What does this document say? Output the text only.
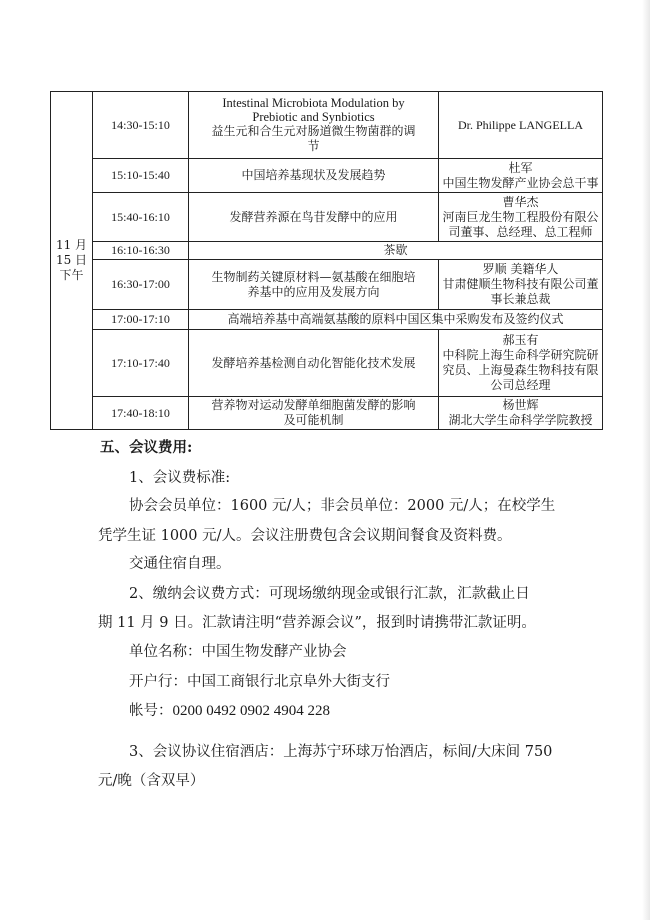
11 月
15 日
下午	14:30-15:10	Intestinal Microbiota Modulation by
Prebiotic and Synbiotics
益生元和合生元对肠道微生物菌群的调
节	Dr. Philippe LANGELLA
	15:10-15:40	中国培养基现状及发展趋势	杜军
中国生物发酵产业协会总干事

	15:40-16:10	发酵营养源在鸟苷发酵中的应用	曹华杰
河南巨龙生物工程股份有限公
司董事、总经理、总工程师

	16:10-16:30	茶歇	
	16:30-17:00	生物制药关键原材料—氨基酸在细胞培
养基中的应用及发展方向	罗顺 美籍华人
甘肃健顺生物科技有限公司董
事长兼总裁

	17:00-17:10	高端培养基中高端氨基酸的原料中国区集中采购发布及签约仪式	
	17:10-17:40	发酵培养基检测自动化智能化技术发展	郝玉有
中科院上海生命科学研究院研
究员、上海曼森生物科技有限
公司总经理

	17:40-18:10	营养物对运动发酵单细胞菌发酵的影响
及可能机制	杨世辉
湖北大学生命科学学院教授
五、会议费用:
1、会议费标准:
协会会员单位：1600 元/人；非会员单位：2000 元/人；在校学生
凭学生证 1000 元/人。会议注册费包含会议期间餐食及资料费。
交通住宿自理。
2、缴纳会议费方式：可现场缴纳现金或银行汇款，汇款截止日
期 11 月 9 日。汇款请注明“营养源会议”，报到时请携带汇款证明。
单位名称：中国生物发酵产业协会
开户行：中国工商银行北京阜外大街支行
帐号：0200 0492 0902 4904 228
3、会议协议住宿酒店：上海苏宁环球万怡酒店，标间/大床间 750
元/晚（含双早）
